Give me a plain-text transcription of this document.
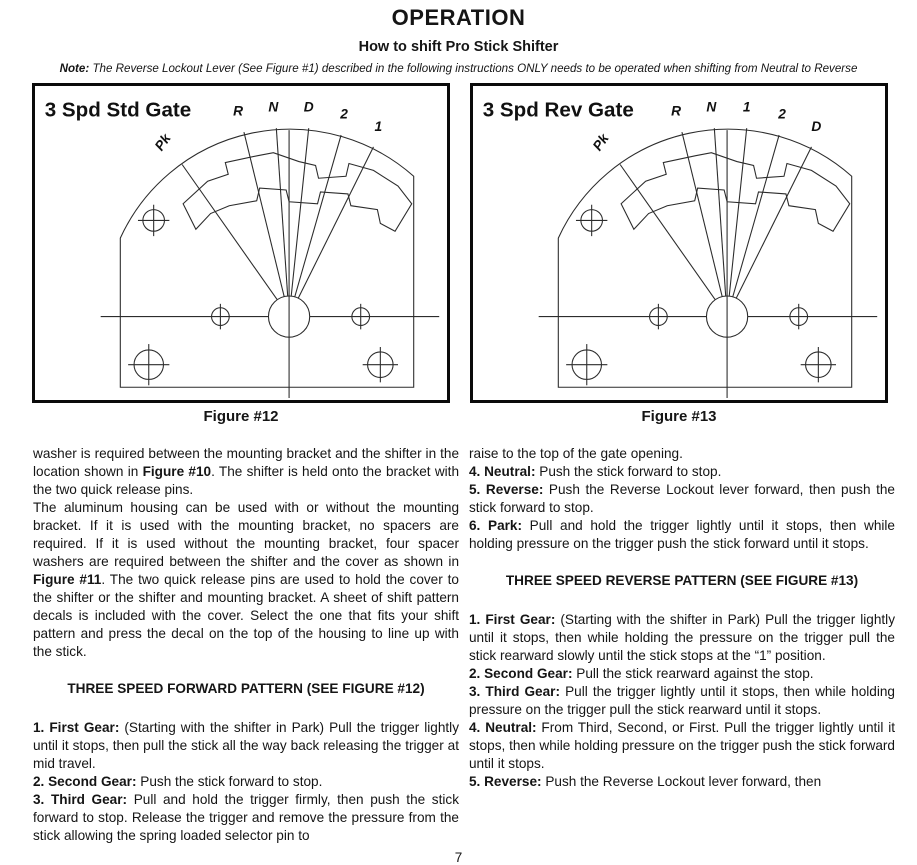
OPERATION
How to shift Pro Stick Shifter
Note: The Reverse Lockout Lever (See Figure #1) described in the following instructions ONLY needs to be operated when shifting from Neutral to Reverse
3 Spd Std Gate
Pk
R N D 2
1
Figure #12
3 Spd Rev Gate
Pk
R N 1 2
D
Figure #13
washer is required between the mounting bracket and the shifter in the location shown in Figure #10. The shifter is held onto the bracket with the two quick release pins.
The aluminum housing can be used with or without the mounting bracket. If it is used with the mounting bracket, no spacers are required. If it is used without the mounting bracket, four spacer washers are required between the shifter and the cover as shown in Figure #11. The two quick release pins are used to hold the cover to the shifter or the shifter and mounting bracket. A sheet of shift pattern decals is included with the cover. Select the one that fits your shift pattern and press the decal on the top of the housing to line up with the stick.
THREE SPEED FORWARD PATTERN (SEE FIGURE #12)
1. First Gear: (Starting with the shifter in Park) Pull the trigger lightly until it stops, then pull the stick all the way back releasing the trigger at mid travel.
2. Second Gear: Push the stick forward to stop.
3. Third Gear: Pull and hold the trigger firmly, then push the stick forward to stop. Release the trigger and remove the pressure from the stick allowing the spring loaded selector pin to
raise to the top of the gate opening.
4. Neutral: Push the stick forward to stop.
5. Reverse: Push the Reverse Lockout lever forward, then push the stick forward to stop.
6. Park: Pull and hold the trigger lightly until it stops, then while holding pressure on the trigger push the stick forward until it stops.
THREE SPEED REVERSE PATTERN (SEE FIGURE #13)
1. First Gear: (Starting with the shifter in Park) Pull the trigger lightly until it stops, then while holding the pressure on the trigger pull the stick rearward slowly until the stick stops at the “1” position.
2. Second Gear: Pull the stick rearward against the stop.
3. Third Gear: Pull the trigger lightly until it stops, then while holding pressure on the trigger pull the stick rearward until it stops.
4. Neutral: From Third, Second, or First. Pull the trigger lightly until it stops, then while holding pressure on the trigger push the stick forward until it stops.
5. Reverse: Push the Reverse Lockout lever forward, then
7
